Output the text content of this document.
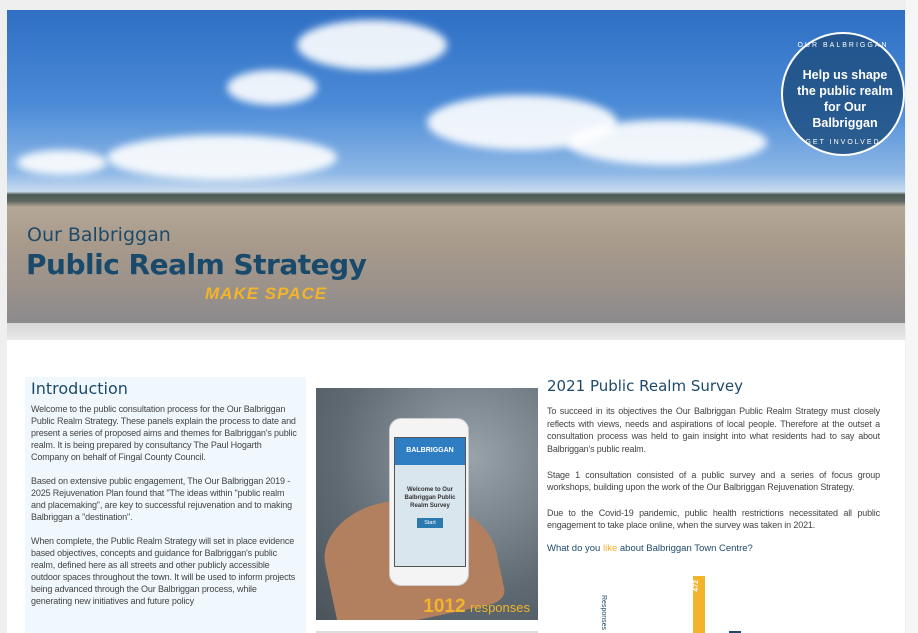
Our Balbriggan
Public Realm Strategy
MAKE SPACE
OUR BALBRIGGAN
Help us shape the public realm for Our Balbriggan
GET INVOLVED
Introduction

Welcome to the public consultation process for the Our Balbriggan Public Realm Strategy. These panels explain the process to date and present a series of proposed aims and themes for Balbriggan's public realm. It is being prepared by consultancy The Paul Hogarth Company on behalf of Fingal County Council.

Based on extensive public engagement, The Our Balbriggan 2019 - 2025 Rejuvenation Plan found that "The ideas within "public realm and placemaking", are key to successful rejuvenation and to making Balbriggan a "destination".

When complete, the Public Realm Strategy will set in place evidence based objectives, concepts and guidance for Balbriggan's public realm, defined here as all streets and other publicly accessible outdoor spaces throughout the town. It will be used to inform projects being advanced through the Our Balbriggan process, while generating new initiatives and future policy

BALBRIGGAN
Welcome to Our Balbriggan Public Realm Survey
Start
1012 responses
2021 Public Realm Survey

To succeed in its objectives the Our Balbriggan Public Realm Strategy must closely reflects with views, needs and aspirations of local people. Therefore at the outset a consultation process was held to gain insight into what residents had to say about Balbriggan's public realm.

Stage 1 consultation consisted of a public survey and a series of focus group workshops, building upon the work of the Our Balbriggan Rejuvenation Strategy.

Due to the Covid-19 pandemic, public health restrictions necessitated all public engagement to take place online, when the survey was taken in 2021.

What do you like about Balbriggan Town Centre?
Responses
472
